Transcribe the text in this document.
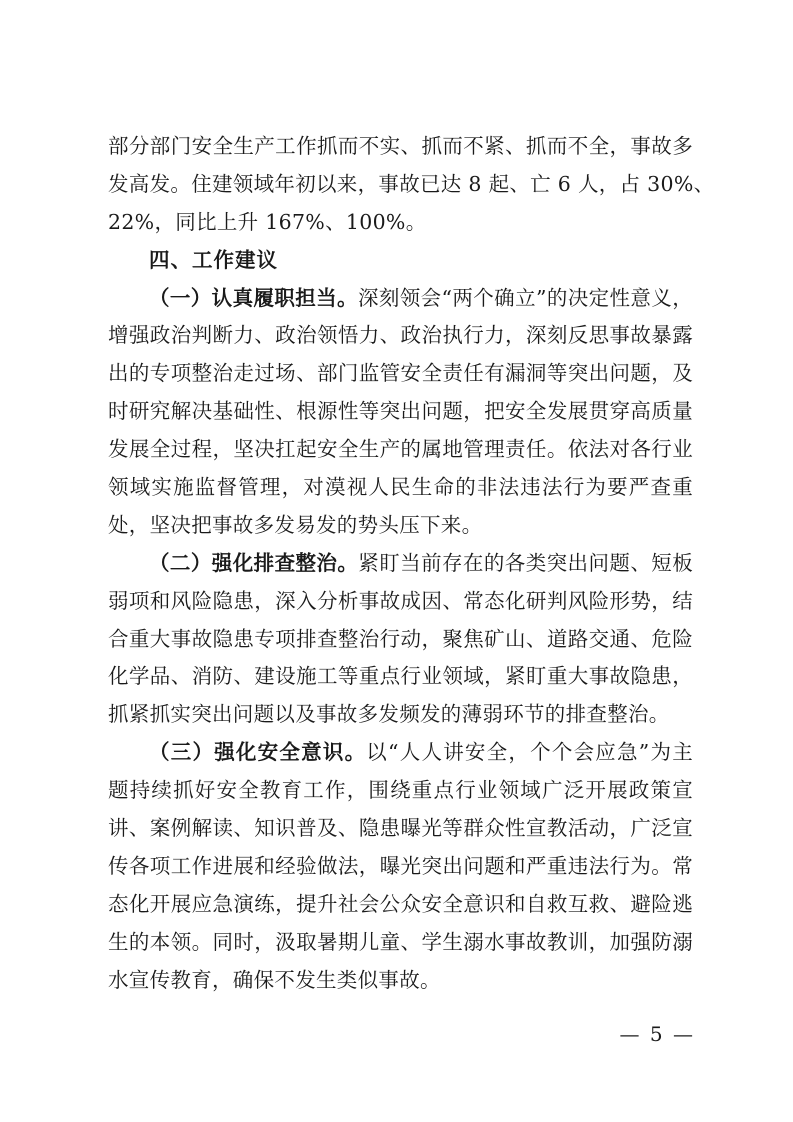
部分部门安全生产工作抓而不实、抓而不紧、抓而不全，事故多
发高发。住建领域年初以来，事故已达 8 起、亡 6 人，占 30%、
22%，同比上升 167%、100%。
四、工作建议
（一）认真履职担当。深刻领会“两个确立”的决定性意义，
增强政治判断力、政治领悟力、政治执行力，深刻反思事故暴露
出的专项整治走过场、部门监管安全责任有漏洞等突出问题，及
时研究解决基础性、根源性等突出问题，把安全发展贯穿高质量
发展全过程，坚决扛起安全生产的属地管理责任。依法对各行业
领域实施监督管理，对漠视人民生命的非法违法行为要严查重
处，坚决把事故多发易发的势头压下来。
（二）强化排查整治。紧盯当前存在的各类突出问题、短板
弱项和风险隐患，深入分析事故成因、常态化研判风险形势，结
合重大事故隐患专项排查整治行动，聚焦矿山、道路交通、危险
化学品、消防、建设施工等重点行业领域，紧盯重大事故隐患，
抓紧抓实突出问题以及事故多发频发的薄弱环节的排查整治。
（三）强化安全意识。以“人人讲安全，个个会应急”为主
题持续抓好安全教育工作，围绕重点行业领域广泛开展政策宣
讲、案例解读、知识普及、隐患曝光等群众性宣教活动，广泛宣
传各项工作进展和经验做法，曝光突出问题和严重违法行为。常
态化开展应急演练，提升社会公众安全意识和自救互救、避险逃
生的本领。同时，汲取暑期儿童、学生溺水事故教训，加强防溺
水宣传教育，确保不发生类似事故。
— 5 —
